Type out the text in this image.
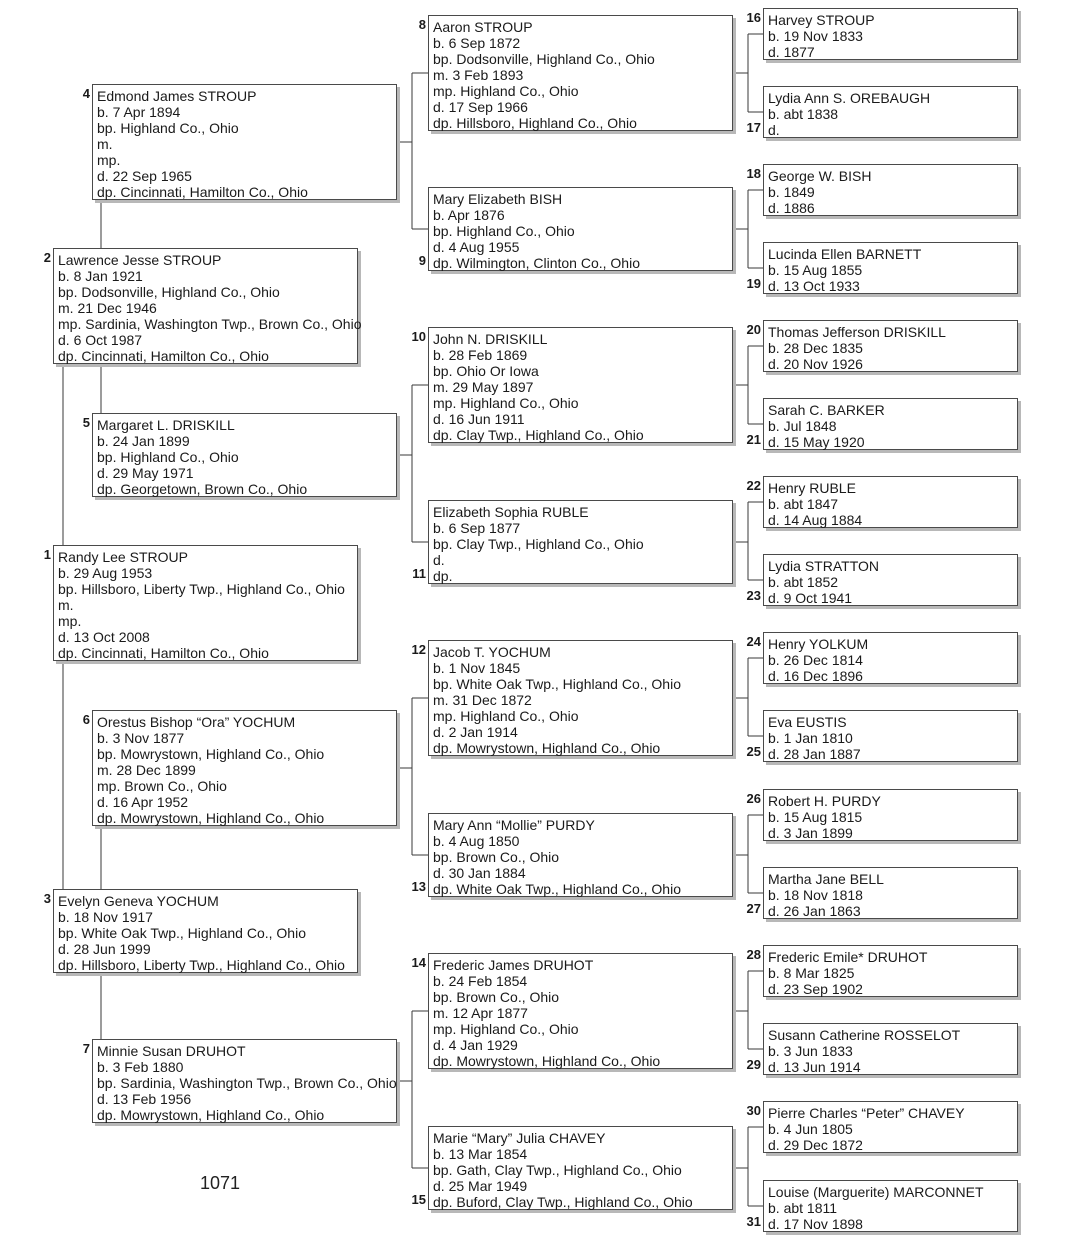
Randy Lee STROUP
b. 29 Aug 1953
bp. Hillsboro, Liberty Twp., Highland Co., Ohio
m.
mp.
d. 13 Oct 2008
dp. Cincinnati, Hamilton Co., Ohio
1
Lawrence Jesse STROUP
b. 8 Jan 1921
bp. Dodsonville, Highland Co., Ohio
m. 21 Dec 1946
mp. Sardinia, Washington Twp., Brown Co., Ohio
d. 6 Oct 1987
dp. Cincinnati, Hamilton Co., Ohio
2
Evelyn Geneva YOCHUM
b. 18 Nov 1917
bp. White Oak Twp., Highland Co., Ohio
d. 28 Jun 1999
dp. Hillsboro, Liberty Twp., Highland Co., Ohio
3
Edmond James STROUP
b. 7 Apr 1894
bp. Highland Co., Ohio
m.
mp.
d. 22 Sep 1965
dp. Cincinnati, Hamilton Co., Ohio
4
Margaret L. DRISKILL
b. 24 Jan 1899
bp. Highland Co., Ohio
d. 29 May 1971
dp. Georgetown, Brown Co., Ohio
5
Orestus Bishop “Ora” YOCHUM
b. 3 Nov 1877
bp. Mowrystown, Highland Co., Ohio
m. 28 Dec 1899
mp. Brown Co., Ohio
d. 16 Apr 1952
dp. Mowrystown, Highland Co., Ohio
6
Minnie Susan DRUHOT
b. 3 Feb 1880
bp. Sardinia, Washington Twp., Brown Co., Ohio
d. 13 Feb 1956
dp. Mowrystown, Highland Co., Ohio
7
Aaron STROUP
b. 6 Sep 1872
bp. Dodsonville, Highland Co., Ohio
m. 3 Feb 1893
mp. Highland Co., Ohio
d. 17 Sep 1966
dp. Hillsboro, Highland Co., Ohio
8
Mary Elizabeth BISH
b. Apr 1876
bp. Highland Co., Ohio
d. 4 Aug 1955
dp. Wilmington, Clinton Co., Ohio
9
John N. DRISKILL
b. 28 Feb 1869
bp. Ohio Or Iowa
m. 29 May 1897
mp. Highland Co., Ohio
d. 16 Jun 1911
dp. Clay Twp., Highland Co., Ohio
10
Elizabeth Sophia RUBLE
b. 6 Sep 1877
bp. Clay Twp., Highland Co., Ohio
d.
dp.
11
Jacob T. YOCHUM
b. 1 Nov 1845
bp. White Oak Twp., Highland Co., Ohio
m. 31 Dec 1872
mp. Highland Co., Ohio
d. 2 Jan 1914
dp. Mowrystown, Highland Co., Ohio
12
Mary Ann “Mollie” PURDY
b. 4 Aug 1850
bp. Brown Co., Ohio
d. 30 Jan 1884
dp. White Oak Twp., Highland Co., Ohio
13
Frederic James DRUHOT
b. 24 Feb 1854
bp. Brown Co., Ohio
m. 12 Apr 1877
mp. Highland Co., Ohio
d. 4 Jan 1929
dp. Mowrystown, Highland Co., Ohio
14
Marie “Mary” Julia CHAVEY
b. 13 Mar 1854
bp. Gath, Clay Twp., Highland Co., Ohio
d. 25 Mar 1949
dp. Buford, Clay Twp., Highland Co., Ohio
15
Harvey STROUP
b. 19 Nov 1833
d. 1877
16
Lydia Ann S. OREBAUGH
b. abt 1838
d.
17
George W. BISH
b. 1849
d. 1886
18
Lucinda Ellen BARNETT
b. 15 Aug 1855
d. 13 Oct 1933
19
Thomas Jefferson DRISKILL
b. 28 Dec 1835
d. 20 Nov 1926
20
Sarah C. BARKER
b. Jul 1848
d. 15 May 1920
21
Henry RUBLE
b. abt 1847
d. 14 Aug 1884
22
Lydia STRATTON
b. abt 1852
d. 9 Oct 1941
23
Henry YOLKUM
b. 26 Dec 1814
d. 16 Dec 1896
24
Eva EUSTIS
b. 1 Jan 1810
d. 28 Jan 1887
25
Robert H. PURDY
b. 15 Aug 1815
d. 3 Jan 1899
26
Martha Jane BELL
b. 18 Nov 1818
d. 26 Jan 1863
27
Frederic Emile* DRUHOT
b. 8 Mar 1825
d. 23 Sep 1902
28
Susann Catherine ROSSELOT
b. 3 Jun 1833
d. 13 Jun 1914
29
Pierre Charles “Peter” CHAVEY
b. 4 Jun 1805
d. 29 Dec 1872
30
Louise (Marguerite) MARCONNET
b. abt 1811
d. 17 Nov 1898
31
1071
